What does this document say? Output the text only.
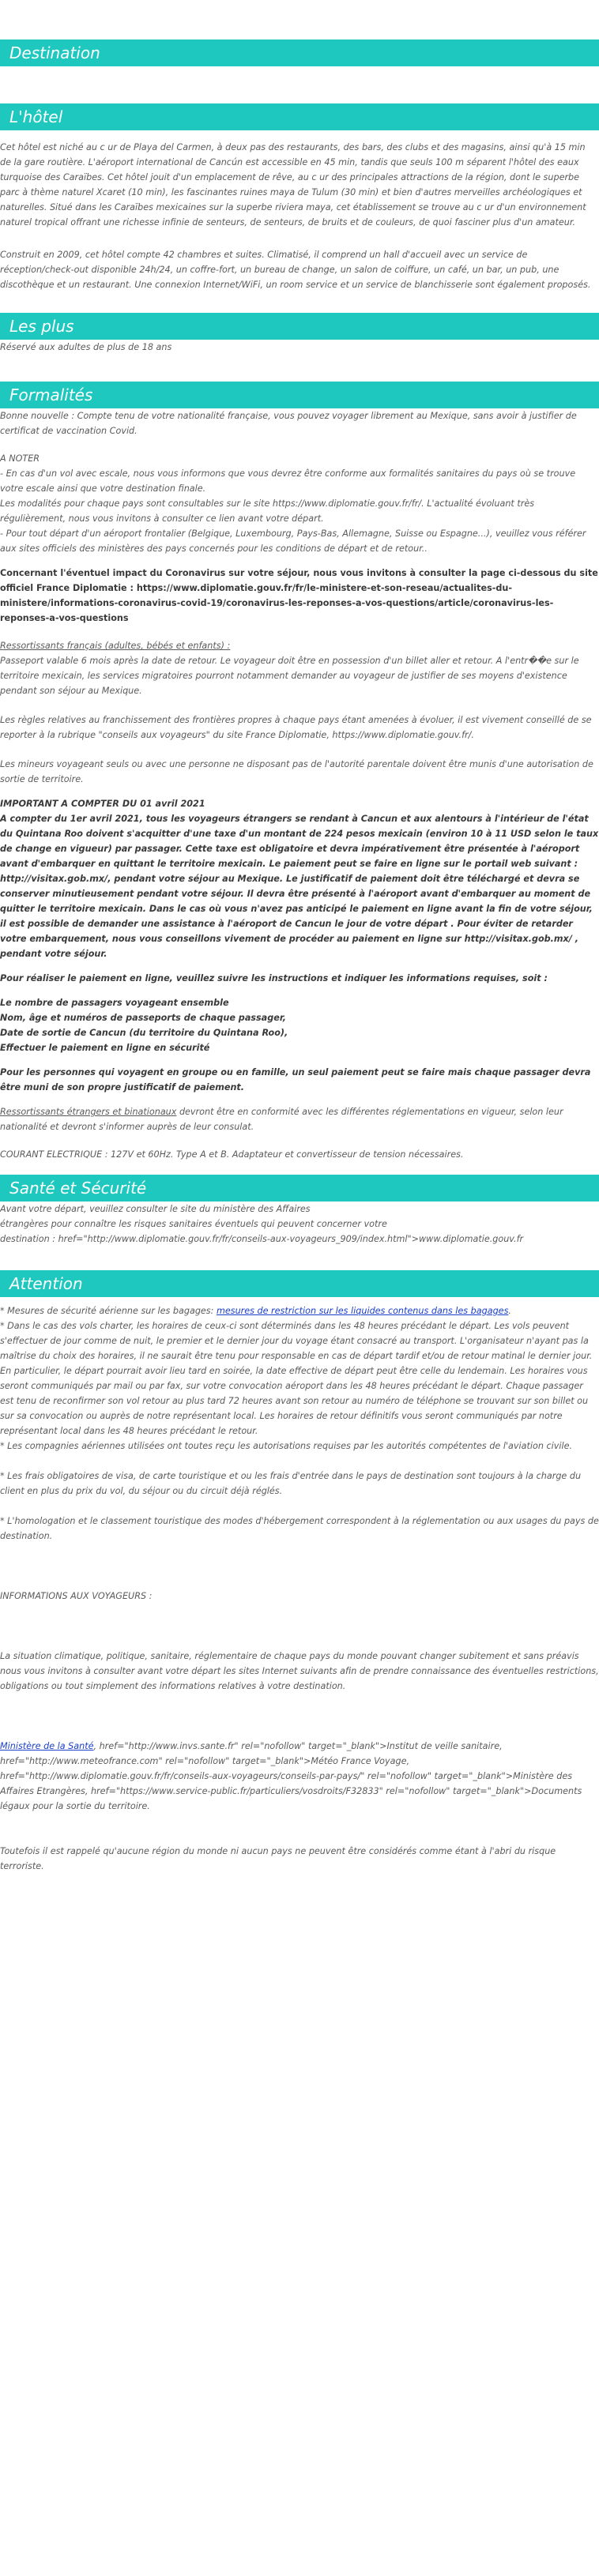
Destination
L'hôtel

Cet hôtel est niché au c ur de Playa del Carmen, à deux pas des restaurants, des bars, des clubs et des magasins, ainsi qu'à 15 min de la gare routière. L'aéroport international de Cancún est accessible en 45 min, tandis que seuls 100 m séparent l'hôtel des eaux turquoise des Caraïbes. Cet hôtel jouit d'un emplacement de rêve, au c ur des principales attractions de la région, dont le superbe parc à thème naturel Xcaret (10 min), les fascinantes ruines maya de Tulum (30 min) et bien d'autres merveilles archéologiques et naturelles. Situé dans les Caraïbes mexicaines sur la superbe riviera maya, cet établissement se trouve au c ur d'un environnement naturel tropical offrant une richesse infinie de senteurs, de senteurs, de bruits et de couleurs, de quoi fasciner plus d'un amateur.

Construit en 2009, cet hôtel compte 42 chambres et suites. Climatisé, il comprend un hall d'accueil avec un service de réception/check-out disponible 24h/24, un coffre-fort, un bureau de change, un salon de coiffure, un café, un bar, un pub, une discothèque et un restaurant. Une connexion Internet/WiFi, un room service et un service de blanchisserie sont également proposés.

Les plus

Réservé aux adultes de plus de 18 ans

Formalités

Bonne nouvelle : Compte tenu de votre nationalité française, vous pouvez voyager librement au Mexique, sans avoir à justifier de certificat de vaccination Covid.

A NOTER
- En cas d'un vol avec escale, nous vous informons que vous devrez être conforme aux formalités sanitaires du pays où se trouve votre escale ainsi que votre destination finale.
Les modalités pour chaque pays sont consultables sur le site https://www.diplomatie.gouv.fr/fr/. L'actualité évoluant très régulièrement, nous vous invitons à consulter ce lien avant votre départ.
- Pour tout départ d'un aéroport frontalier (Belgique, Luxembourg, Pays-Bas, Allemagne, Suisse ou Espagne...), veuillez vous référer aux sites officiels des ministères des pays concernés pour les conditions de départ et de retour..

Concernant l'éventuel impact du Coronavirus sur votre séjour, nous vous invitons à consulter la page ci-dessous du site officiel France Diplomatie : https://www.diplomatie.gouv.fr/fr/le-ministere-et-son-reseau/actualites-du-ministere/informations-coronavirus-covid-19/coronavirus-les-reponses-a-vos-questions/article/coronavirus-les-reponses-a-vos-questions

Ressortissants français (adultes, bébés et enfants) :

Passeport valable 6 mois après la date de retour. Le voyageur doit être en possession d'un billet aller et retour. A l'entr��e sur le territoire mexicain, les services migratoires pourront notamment demander au voyageur de justifier de ses moyens d'existence pendant son séjour au Mexique.

Les règles relatives au franchissement des frontières propres à chaque pays étant amenées à évoluer, il est vivement conseillé de se reporter à la rubrique "conseils aux voyageurs" du site France Diplomatie, https://www.diplomatie.gouv.fr/.

Les mineurs voyageant seuls ou avec une personne ne disposant pas de l'autorité parentale doivent être munis d'une autorisation de sortie de territoire.

IMPORTANT A COMPTER DU 01 avril 2021

A compter du 1er avril 2021, tous les voyageurs étrangers se rendant à Cancun et aux alentours à l'intérieur de l'état du Quintana Roo doivent s'acquitter d'une taxe d'un montant de 224 pesos mexicain (environ 10 à 11 USD selon le taux de change en vigueur) par passager. Cette taxe est obligatoire et devra impérativement être présentée à l'aéroport avant d'embarquer en quittant le territoire mexicain. Le paiement peut se faire en ligne sur le portail web suivant : http://visitax.gob.mx/, pendant votre séjour au Mexique. Le justificatif de paiement doit être téléchargé et devra se conserver minutieusement pendant votre séjour. Il devra être présenté à l'aéroport avant d'embarquer au moment de quitter le territoire mexicain. Dans le cas où vous n'avez pas anticipé le paiement en ligne avant la fin de votre séjour, il est possible de demander une assistance à l'aéroport de Cancun le jour de votre départ . Pour éviter de retarder votre embarquement, nous vous conseillons vivement de procéder au paiement en ligne sur http://visitax.gob.mx/ , pendant votre séjour.

Pour réaliser le paiement en ligne, veuillez suivre les instructions et indiquer les informations requises, soit :

Le nombre de passagers voyageant ensemble
Nom, âge et numéros de passeports de chaque passager,
Date de sortie de Cancun (du territoire du Quintana Roo),
Effectuer le paiement en ligne en sécurité

Pour les personnes qui voyagent en groupe ou en famille, un seul paiement peut se faire mais chaque passager devra être muni de son propre justificatif de paiement.

Ressortissants étrangers et binationaux devront être en conformité avec les différentes réglementations en vigueur, selon leur nationalité et devront s'informer auprès de leur consulat.

COURANT ELECTRIQUE : 127V et 60Hz. Type A et B. Adaptateur et convertisseur de tension nécessaires.

Santé et Sécurité
Avant votre départ, veuillez consulter le site du ministère des Affaires
étrangères pour connaître les risques sanitaires éventuels qui peuvent concerner votre
destination : href="http://www.diplomatie.gouv.fr/fr/conseils-aux-voyageurs_909/index.html">www.diplomatie.gouv.fr
Attention
* Mesures de sécurité aérienne sur les bagages: mesures de restriction sur les liquides contenus dans les bagages.
* Dans le cas des vols charter, les horaires de ceux-ci sont déterminés dans les 48 heures précédant le départ. Les vols peuvent s'effectuer de jour comme de nuit, le premier et le dernier jour du voyage étant consacré au transport. L'organisateur n'ayant pas la maîtrise du choix des horaires, il ne saurait être tenu pour responsable en cas de départ tardif et/ou de retour matinal le dernier jour. En particulier, le départ pourrait avoir lieu tard en soirée, la date effective de départ peut être celle du lendemain. Les horaires vous seront communiqués par mail ou par fax, sur votre convocation aéroport dans les 48 heures précédant le départ. Chaque passager est tenu de reconfirmer son vol retour au plus tard 72 heures avant son retour au numéro de téléphone se trouvant sur son billet ou sur sa convocation ou auprès de notre représentant local. Les horaires de retour définitifs vous seront communiqués par notre représentant local dans les 48 heures précédant le retour.
* Les compagnies aériennes utilisées ont toutes reçu les autorisations requises par les autorités compétentes de l'aviation civile.
* Les frais obligatoires de visa, de carte touristique et ou les frais d'entrée dans le pays de destination sont toujours à la charge du client en plus du prix du vol, du séjour ou du circuit déjà réglés.
* L'homologation et le classement touristique des modes d'hébergement correspondent à la réglementation ou aux usages du pays de destination.
INFORMATIONS AUX VOYAGEURS :
La situation climatique, politique, sanitaire, réglementaire de chaque pays du monde pouvant changer subitement et sans préavis
nous vous invitons à consulter avant votre départ les sites Internet suivants afin de prendre connaissance des éventuelles restrictions, obligations ou tout simplement des informations relatives à votre destination.
Ministère de la Santé, href="http://www.invs.sante.fr" rel="nofollow" target="_blank">Institut de veille sanitaire, href="http://www.meteofrance.com" rel="nofollow" target="_blank">Météo France Voyage, href="http://www.diplomatie.gouv.fr/fr/conseils-aux-voyageurs/conseils-par-pays/" rel="nofollow" target="_blank">Ministère des Affaires Etrangères, href="https://www.service-public.fr/particuliers/vosdroits/F32833" rel="nofollow" target="_blank">Documents légaux pour la sortie du territoire.
Toutefois il est rappelé qu'aucune région du monde ni aucun pays ne peuvent être considérés comme étant à l'abri du risque terroriste.
